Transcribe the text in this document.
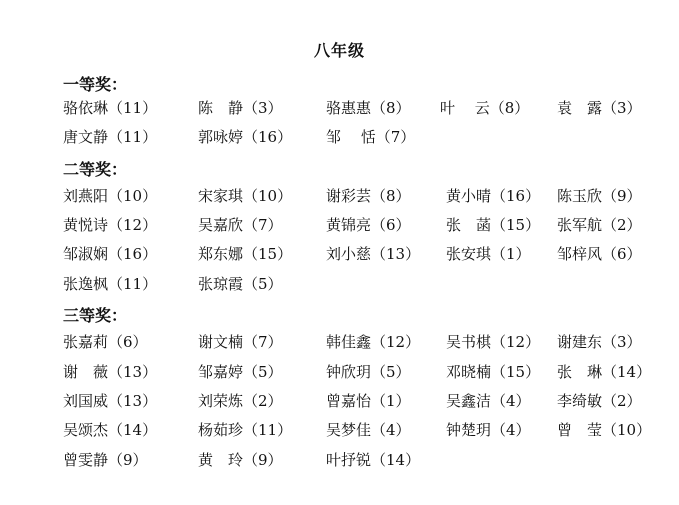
八年级
一等奖：
骆依琳（11）	陈　静（3）	骆惠惠（8） 叶　 云（8） 袁　露（3）
唐文静（11）	郭咏婷（16） 邹　 恬（7）
二等奖：
刘燕阳（10）	宋家琪（10） 谢彩芸（8） 黄小晴（16） 陈玉欣（9）
黄悦诗（12）	吴嘉欣（7）	黄锦亮（6） 张　菡（15） 张军航（2）
邹淑娴（16）	郑东娜（15） 刘小慈（13） 张安琪（1） 邹梓风（6）
张逸枫（11）	张琼霞（5）
三等奖：
张嘉莉（6）	谢文楠（7）	韩佳鑫（12） 吴书棋（12） 谢建东（3）
谢　薇（13）	邹嘉婷（5）	钟欣玥（5） 邓晓楠（15） 张　琳（14）
刘国威（13）	刘荣炼（2）	曾嘉怡（1） 吴鑫洁（4） 李绮敏（2）
吴颂杰（14）	杨茹珍（11） 吴梦佳（4） 钟楚玥（4） 曾　莹（10）
曾雯静（9）	黄　玲（9）	叶抒锐（14）
